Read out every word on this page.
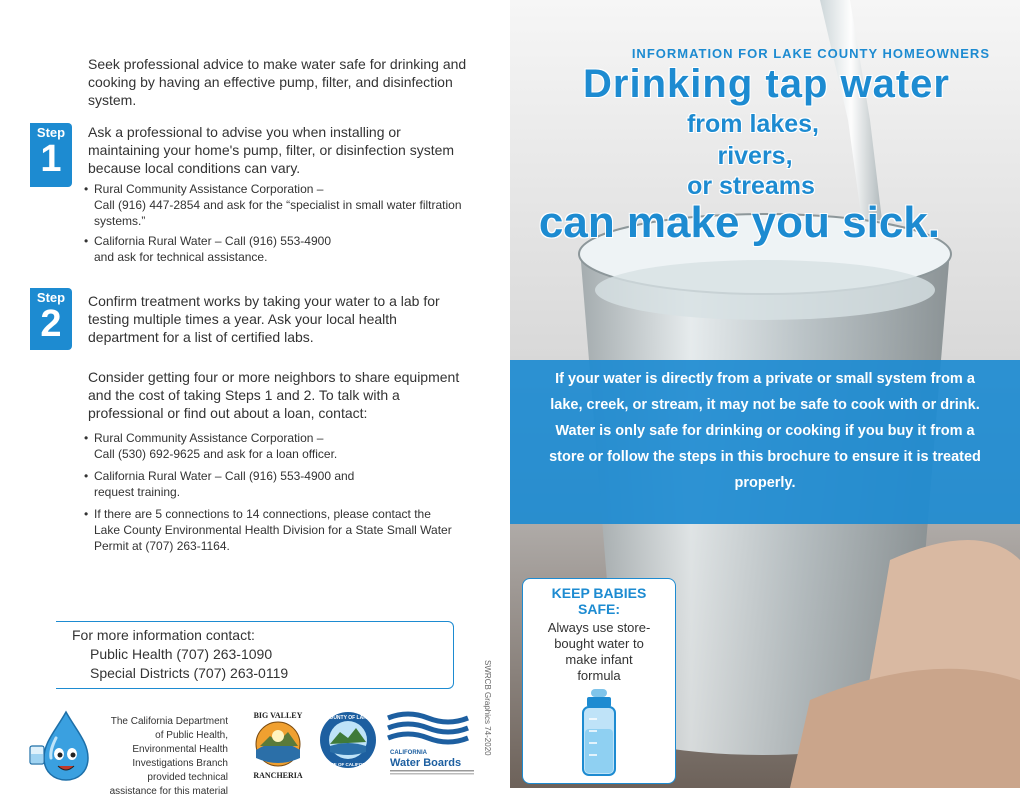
Seek professional advice to make water safe for drinking and cooking by having an effective pump, filter, and disinfection system.

Step
1

Ask a professional to advise you when installing or maintaining your home's pump, filter, or disinfection system because local conditions can vary.

• Rural Community Assistance Corporation –
Call (916) 447-2854 and ask for the “specialist in small water filtration systems.”
• California Rural Water – Call (916) 553-4900
and ask for technical assistance.
Step
2

Confirm treatment works by taking your water to a lab for testing multiple times a year. Ask your local health department for a list of certified labs.

Consider getting four or more neighbors to share equipment and the cost of taking Steps 1 and 2. To talk with a professional or find out about a loan, contact:

• Rural Community Assistance Corporation –
Call (530) 692-9625 and ask for a loan officer.
• California Rural Water – Call (916) 553-4900 and
request training.
• If there are 5 connections to 14 connections, please contact the
Lake County Environmental Health Division for a State Small Water Permit at (707) 263-1164.
For more information contact:
Public Health (707) 263-1090
Special Districts (707) 263-0119

The California Department of Public Health, Environmental Health Investigations Branch provided technical assistance for this material

BIG VALLEY
RANCHERIA
COUNTY OF LAKE
STATE OF CALIFORNIA
CALIFORNIA
Water Boards
SWRCB Graphics 74-2020
INFORMATION FOR LAKE COUNTY HOMEOWNERS
Drinking tap water
from lakes,
rivers,
or streams
can make you sick.
If your water is directly from a private or small system from a lake, creek, or stream, it may not be safe to cook with or drink. Water is only safe for drinking or cooking if you buy it from a store or follow the steps in this brochure to ensure it is treated properly.
KEEP BABIES
SAFE:

Always use store-bought water to make infant formula
